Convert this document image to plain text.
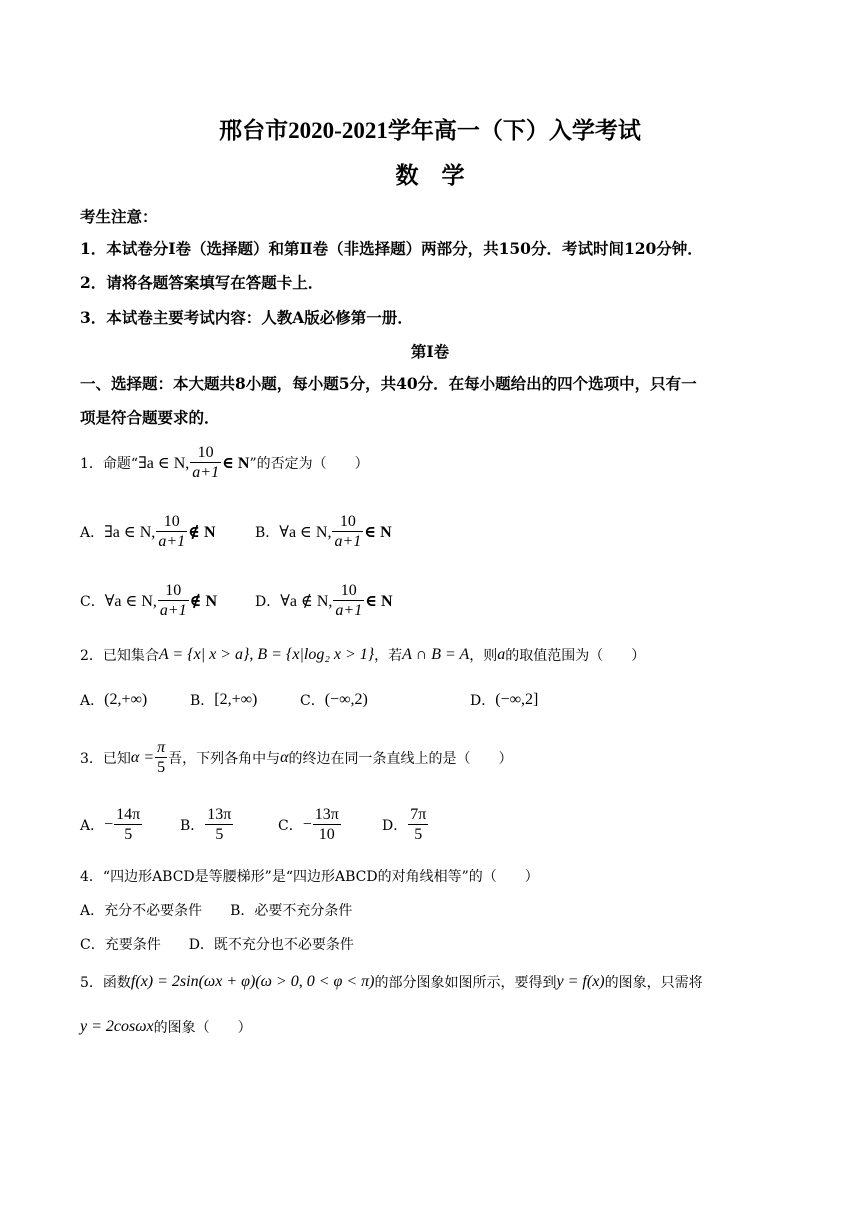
邢台市2020-2021学年高一（下）入学考试
数　学
考生注意：
1．本试卷分Ⅰ卷（选择题）和第Ⅱ卷（非选择题）两部分，共150分．考试时间120分钟．
2．请将各题答案填写在答题卡上．
3．本试卷主要考试内容：人教A版必修第一册．
第Ⅰ卷
一、选择题：本大题共8小题，每小题5分，共40分．在每小题给出的四个选项中，只有一
项是符合题要求的．
1．命题“ ∃a ∈ N, $\frac{10}{a+1}$ ∈ N ”的否定为（　　）
A． ∃a ∈ N, $\frac{10}{a+1}$ ∉ N	B． ∀a ∈ N, $\frac{10}{a+1}$ ∈ N
C． ∀a ∈ N, $\frac{10}{a+1}$ ∉ N	D． ∀a ∉ N, $\frac{10}{a+1}$ ∈ N
2．已知集合 A = {x| x > a}, B = {x|log₂ x > 1} ，若 A ∩ B = A ，则 a 的取值范围为（　　）
A． (2,+∞)	B． [2,+∞)	C． (−∞,2)	D． (−∞,2]
3．已知 $\alpha = \frac{\pi}{5}$ 吾，下列各角中与 α 的终边在同一条直线上的是（　　）
A． − $\frac{14\pi}{5}$	B． $\frac{13\pi}{5}$	C． − $\frac{13\pi}{10}$	D． $\frac{7\pi}{5}$
4．“四边形ABCD是等腰梯形”是“四边形ABCD的对角线相等”的（　　）
A．充分不必要条件　　B．必要不充分条件
C．充要条件　　D．既不充分也不必要条件
5．函数 f(x) = 2sin(ωx + φ)(ω > 0, 0 < φ < π) 的部分图象如图所示，要得到 y = f(x) 的图象，只需将
y = 2cosωx 的图象（　　）
